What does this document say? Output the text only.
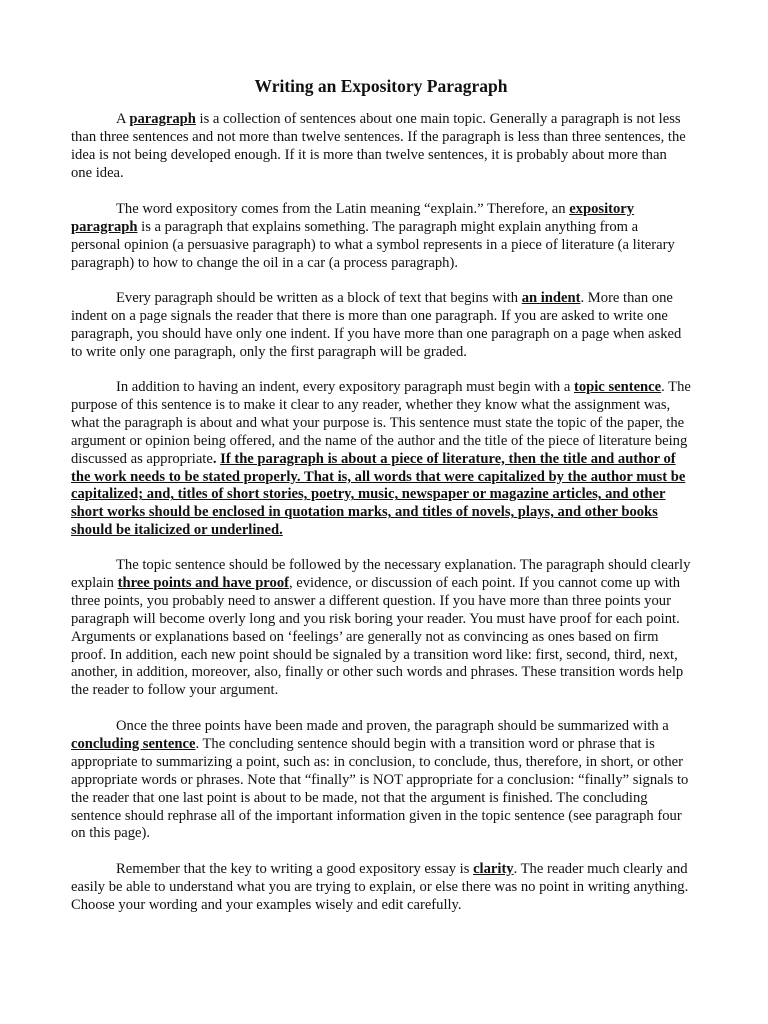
Writing an Expository Paragraph

A paragraph is a collection of sentences about one main topic. Generally a paragraph is not less than three sentences and not more than twelve sentences. If the paragraph is less than three sentences, the idea is not being developed enough. If it is more than twelve sentences, it is probably about more than one idea.

The word expository comes from the Latin meaning “explain.” Therefore, an expository paragraph is a paragraph that explains something. The paragraph might explain anything from a personal opinion (a persuasive paragraph) to what a symbol represents in a piece of literature (a literary paragraph) to how to change the oil in a car (a process paragraph).

Every paragraph should be written as a block of text that begins with an indent. More than one indent on a page signals the reader that there is more than one paragraph. If you are asked to write one paragraph, you should have only one indent. If you have more than one paragraph on a page when asked to write only one paragraph, only the first paragraph will be graded.

In addition to having an indent, every expository paragraph must begin with a topic sentence. The purpose of this sentence is to make it clear to any reader, whether they know what the assignment was, what the paragraph is about and what your purpose is. This sentence must state the topic of the paper, the argument or opinion being offered, and the name of the author and the title of the piece of literature being discussed as appropriate. If the paragraph is about a piece of literature, then the title and author of the work needs to be stated properly. That is, all words that were capitalized by the author must be capitalized; and, titles of short stories, poetry, music, newspaper or magazine articles, and other short works should be enclosed in quotation marks, and titles of novels, plays, and other books should be italicized or underlined.

The topic sentence should be followed by the necessary explanation. The paragraph should clearly explain three points and have proof, evidence, or discussion of each point. If you cannot come up with three points, you probably need to answer a different question. If you have more than three points your paragraph will become overly long and you risk boring your reader. You must have proof for each point. Arguments or explanations based on ‘feelings’ are generally not as convincing as ones based on firm proof. In addition, each new point should be signaled by a transition word like: first, second, third, next, another, in addition, moreover, also, finally or other such words and phrases. These transition words help the reader to follow your argument.

Once the three points have been made and proven, the paragraph should be summarized with a concluding sentence. The concluding sentence should begin with a transition word or phrase that is appropriate to summarizing a point, such as: in conclusion, to conclude, thus, therefore, in short, or other appropriate words or phrases. Note that “finally” is NOT appropriate for a conclusion: “finally” signals to the reader that one last point is about to be made, not that the argument is finished. The concluding sentence should rephrase all of the important information given in the topic sentence (see paragraph four on this page).

Remember that the key to writing a good expository essay is clarity. The reader much clearly and easily be able to understand what you are trying to explain, or else there was no point in writing anything. Choose your wording and your examples wisely and edit carefully.
